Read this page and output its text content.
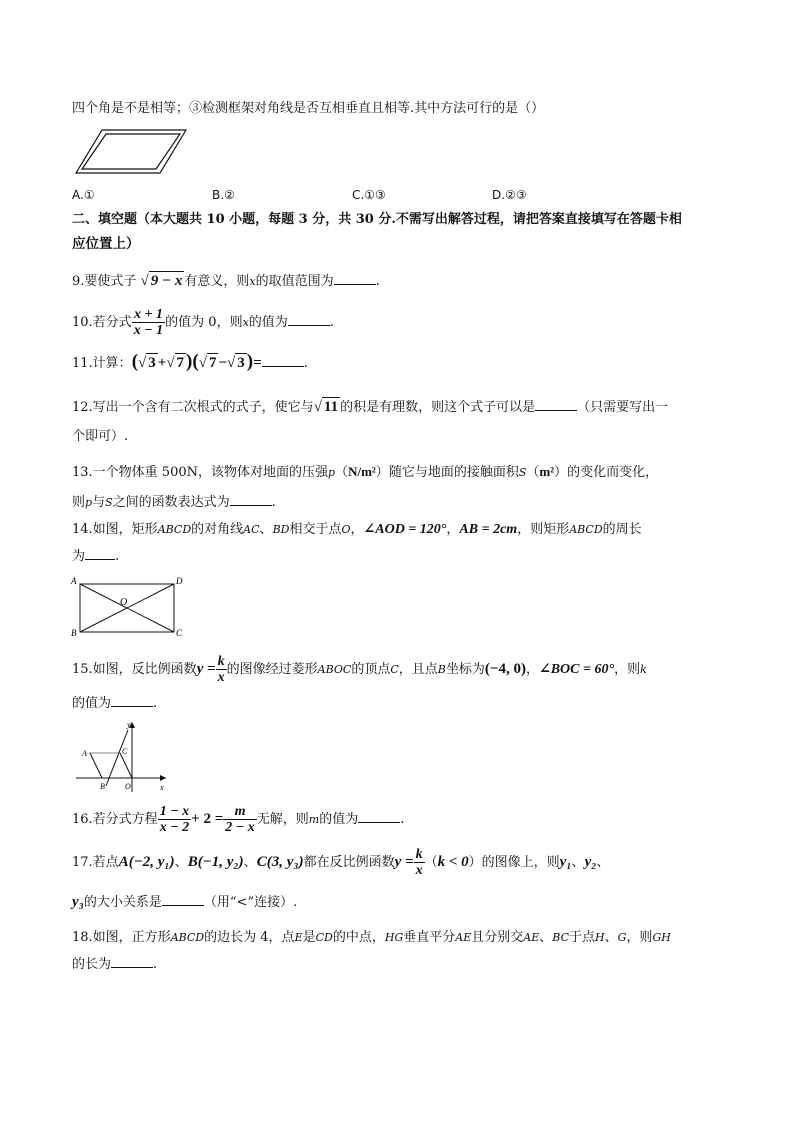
四个角是不是相等；③检测框架对角线是否互相垂直且相等.其中方法可行的是（）
A.①	B.②	C.①③	D.②③
二、填空题（本大题共 10 小题，每题 3 分，共 30 分.不需写出解答过程，请把答案直接填写在答题卡相
应位置上）
9.要使式子 √ 9 − x 有意义，则x的取值范围为	.
10.若分式 $\frac{x + 1}{x - 1}$ 的值为 0，则x的值为	.
11.计算：(√ 3 +√ 7 )(√ 7 −√ 3 )=	.
12.写出一个含有二次根式的式子，使它与√ 11 的积是有理数，则这个式子可以是	（只需要写出一
个即可）.
13.一个物体重 500N，该物体对地面的压强p（N/m²）随它与地面的接触面积S（m²）的变化而变化，
则p与S之间的函数表达式为	.
14.如图，矩形ABCD的对角线AC、BD相交于点O，∠AOD = 120°，AB = 2cm，则矩形ABCD的周长
为 .
A	D
O
B	C
15.如图，反比例函数$y = \frac{k}{x}$ 的图像经过菱形ABOC的顶点C，且点B坐标为(−4, 0)，∠BOC = 60°，则k
的值为	.
y
A	C
B	O	x
16.若分式方程 $\frac{1 - x}{x - 2} + 2 = \frac{m}{2 - x}$ 无解，则m的值为	.
17.若点A(−2, y₁)、B(−1, y₂)、C(3, y₃)都在反比例函数$y = \frac{k}{x} (k < 0)$的图像上，则y₁、y₂、
y₃的大小关系是	（用“<”连接）.
18.如图，正方形ABCD的边长为 4，点E是CD的中点，HG垂直平分AE且分别交AE、BC于点H、G，则GH
的长为	.
